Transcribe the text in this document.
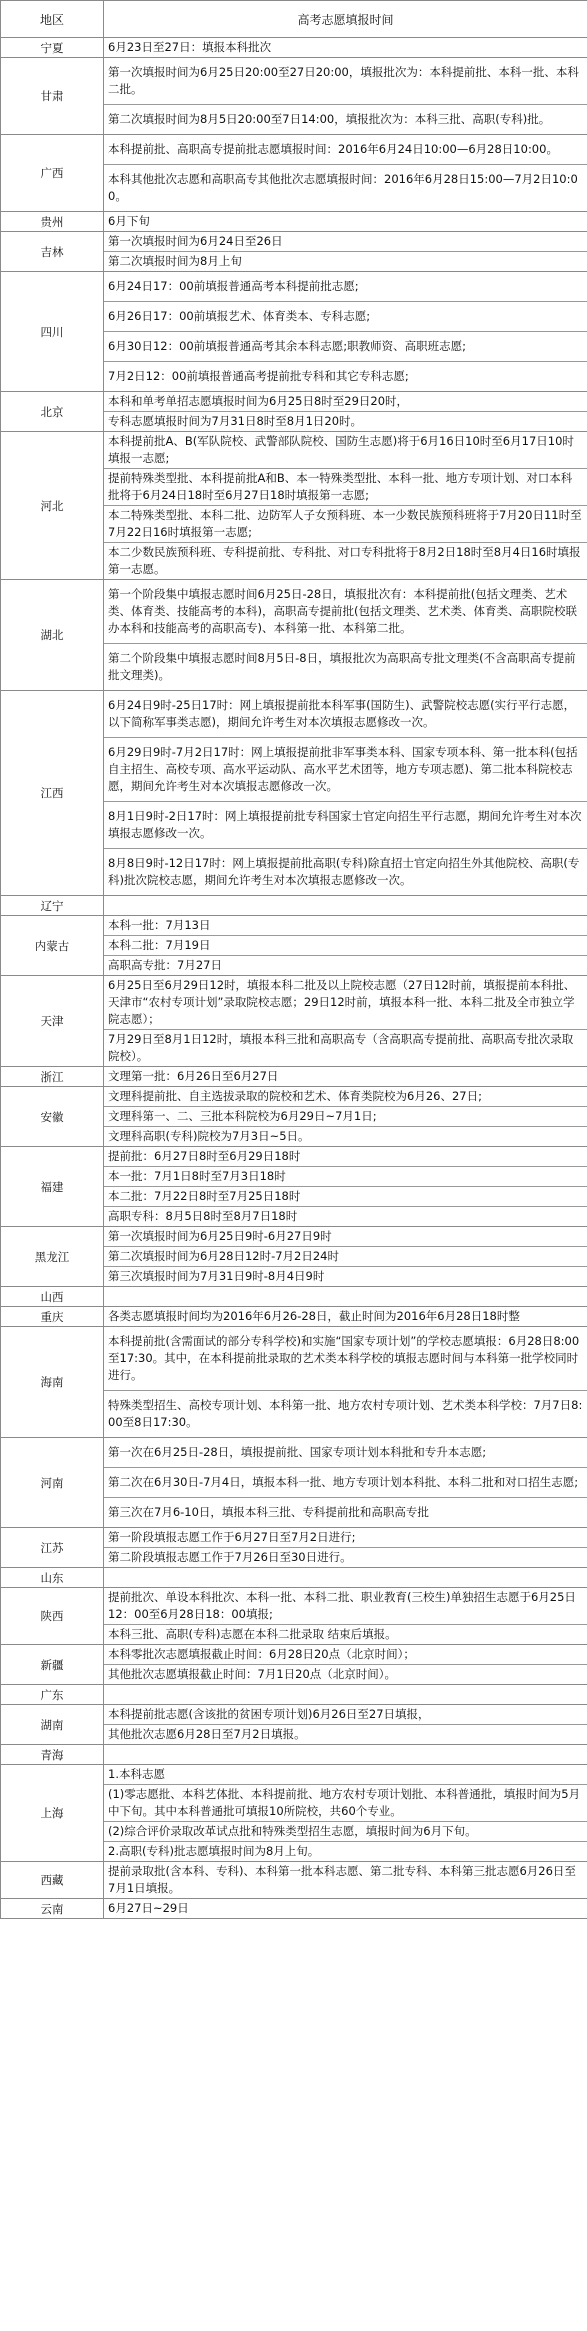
地区	高考志愿填报时间
宁夏	6月23日至27日：填报本科批次

甘肃	第一次填报时间为6月25日20:00至27日20:00，填报批次为：本科提前批、本科一批、本科二批。
第二次填报时间为8月5日20:00至7日14:00，填报批次为：本科三批、高职(专科)批。

广西	本科提前批、高职高专提前批志愿填报时间：2016年6月24日10:00—6月28日10:00。
本科其他批次志愿和高职高专其他批次志愿填报时间：2016年6月28日15:00—7月2日10:00。

贵州	6月下旬

吉林	第一次填报时间为6月24日至26日
第二次填报时间为8月上旬

四川	6月24日17：00前填报普通高考本科提前批志愿;
6月26日17：00前填报艺术、体育类本、专科志愿;
6月30日12：00前填报普通高考其余本科志愿;职教师资、高职班志愿;
7月2日12：00前填报普通高考提前批专科和其它专科志愿;

北京	本科和单考单招志愿填报时间为6月25日8时至29日20时，
专科志愿填报时间为7月31日8时至8月1日20时。

河北	本科提前批A、B(军队院校、武警部队院校、国防生志愿)将于6月16日10时至6月17日10时填报一志愿;
提前特殊类型批、本科提前批A和B、本一特殊类型批、本科一批、地方专项计划、对口本科批将于6月24日18时至6月27日18时填报第一志愿;
本二特殊类型批、本科二批、边防军人子女预科班、本一少数民族预科班将于7月20日11时至7月22日16时填报第一志愿;
本二少数民族预科班、专科提前批、专科批、对口专科批将于8月2日18时至8月4日16时填报第一志愿。

湖北	第一个阶段集中填报志愿时间6月25日-28日，填报批次有：本科提前批(包括文理类、艺术类、体育类、技能高考的本科)，高职高专提前批(包括文理类、艺术类、体育类、高职院校联办本科和技能高考的高职高专)、本科第一批、本科第二批。
第二个阶段集中填报志愿时间8月5日-8日，填报批次为高职高专批文理类(不含高职高专提前批文理类)。

江西	6月24日9时-25日17时：网上填报提前批本科军事(国防生)、武警院校志愿(实行平行志愿，以下简称军事类志愿)，期间允许考生对本次填报志愿修改一次。
6月29日9时-7月2日17时：网上填报提前批非军事类本科、国家专项本科、第一批本科(包括自主招生、高校专项、高水平运动队、高水平艺术团等，地方专项志愿)、第二批本科院校志愿，期间允许考生对本次填报志愿修改一次。
8月1日9时-2日17时：网上填报提前批专科国家士官定向招生平行志愿，期间允许考生对本次填报志愿修改一次。
8月8日9时-12日17时：网上填报提前批高职(专科)除直招士官定向招生外其他院校、高职(专科)批次院校志愿，期间允许考生对本次填报志愿修改一次。

辽宁	

内蒙古	本科一批：7月13日
本科二批：7月19日
高职高专批：7月27日

天津	6月25日至6月29日12时，填报本科二批及以上院校志愿（27日12时前，填报提前本科批、天津市“农村专项计划”录取院校志愿；29日12时前，填报本科一批、本科二批及全市独立学院志愿）；
7月29日至8月1日12时，填报本科三批和高职高专（含高职高专提前批、高职高专批次录取院校）。

浙江	文理第一批：6月26日至6月27日

安徽	文理科提前批、自主选拔录取的院校和艺术、体育类院校为6月26、27日;
文理科第一、二、三批本科院校为6月29日~7月1日;
文理科高职(专科)院校为7月3日~5日。

福建	提前批：6月27日8时至6月29日18时
本一批：7月1日8时至7月3日18时
本二批：7月22日8时至7月25日18时
高职专科：8月5日8时至8月7日18时

黑龙江	第一次填报时间为6月25日9时-6月27日9时
第二次填报时间为6月28日12时-7月2日24时
第三次填报时间为7月31日9时-8月4日9时

山西	

重庆	各类志愿填报时间均为2016年6月26-28日，截止时间为2016年6月28日18时整

海南	本科提前批(含需面试的部分专科学校)和实施“国家专项计划”的学校志愿填报：6月28日8:00至17:30。其中，在本科提前批录取的艺术类本科学校的填报志愿时间与本科第一批学校同时进行。
特殊类型招生、高校专项计划、本科第一批、地方农村专项计划、艺术类本科学校：7月7日8:00至8日17:30。

河南	第一次在6月25日-28日，填报提前批、国家专项计划本科批和专升本志愿;
第二次在6月30日-7月4日，填报本科一批、地方专项计划本科批、本科二批和对口招生志愿;
第三次在7月6-10日，填报本科三批、专科提前批和高职高专批

江苏	第一阶段填报志愿工作于6月27日至7月2日进行;
第二阶段填报志愿工作于7月26日至30日进行。

山东	

陕西	提前批次、单设本科批次、本科一批、本科二批、职业教育(三校生)单独招生志愿于6月25日12：00至6月28日18：00填报;
本科三批、高职(专科)志愿在本科二批录取 结束后填报。

新疆	本科零批次志愿填报截止时间：6月28日20点（北京时间）；
其他批次志愿填报截止时间：7月1日20点（北京时间）。

广东	

湖南	本科提前批志愿(含该批的贫困专项计划)6月26日至27日填报，
其他批次志愿6月28日至7月2日填报。

青海	

上海	1.本科志愿
(1)零志愿批、本科艺体批、本科提前批、地方农村专项计划批、本科普通批，填报时间为5月中下旬。其中本科普通批可填报10所院校，共60个专业。
(2)综合评价录取改革试点批和特殊类型招生志愿，填报时间为6月下旬。
2.高职(专科)批志愿填报时间为8月上旬。

西藏	提前录取批(含本科、专科)、本科第一批本科志愿、第二批专科、本科第三批志愿6月26日至7月1日填报。

云南	6月27日~29日
